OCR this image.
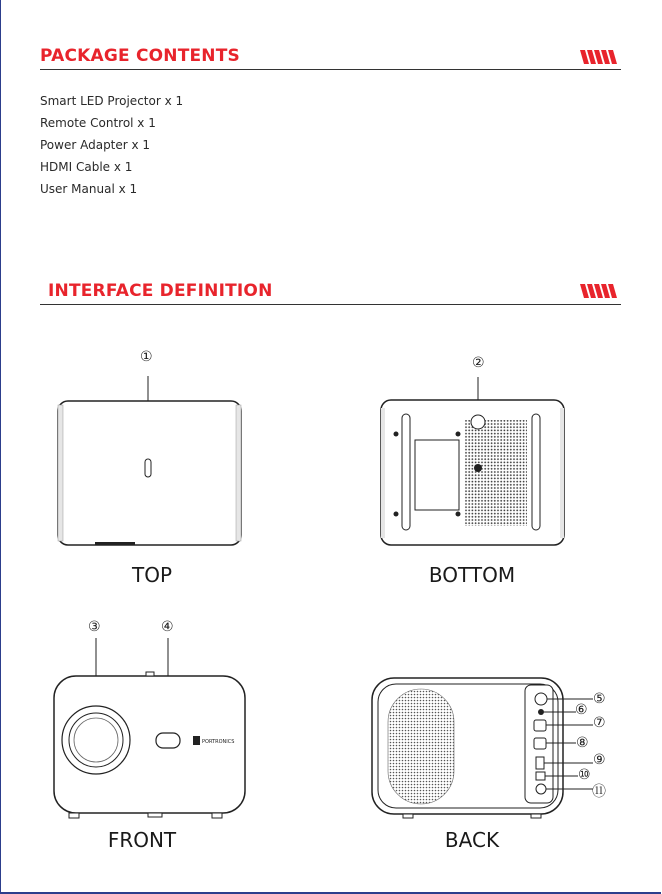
PACKAGE CONTENTS
Smart LED Projector x 1
Remote Control x 1
Power Adapter x 1
HDMI Cable x 1
User Manual x 1
INTERFACE DEFINITION
①	②
③	④
⑤
⑥
⑦
⑧
⑨
⑩
⑪
TOP	BOTTOM
PORTRONICS
FRONT	BACK
